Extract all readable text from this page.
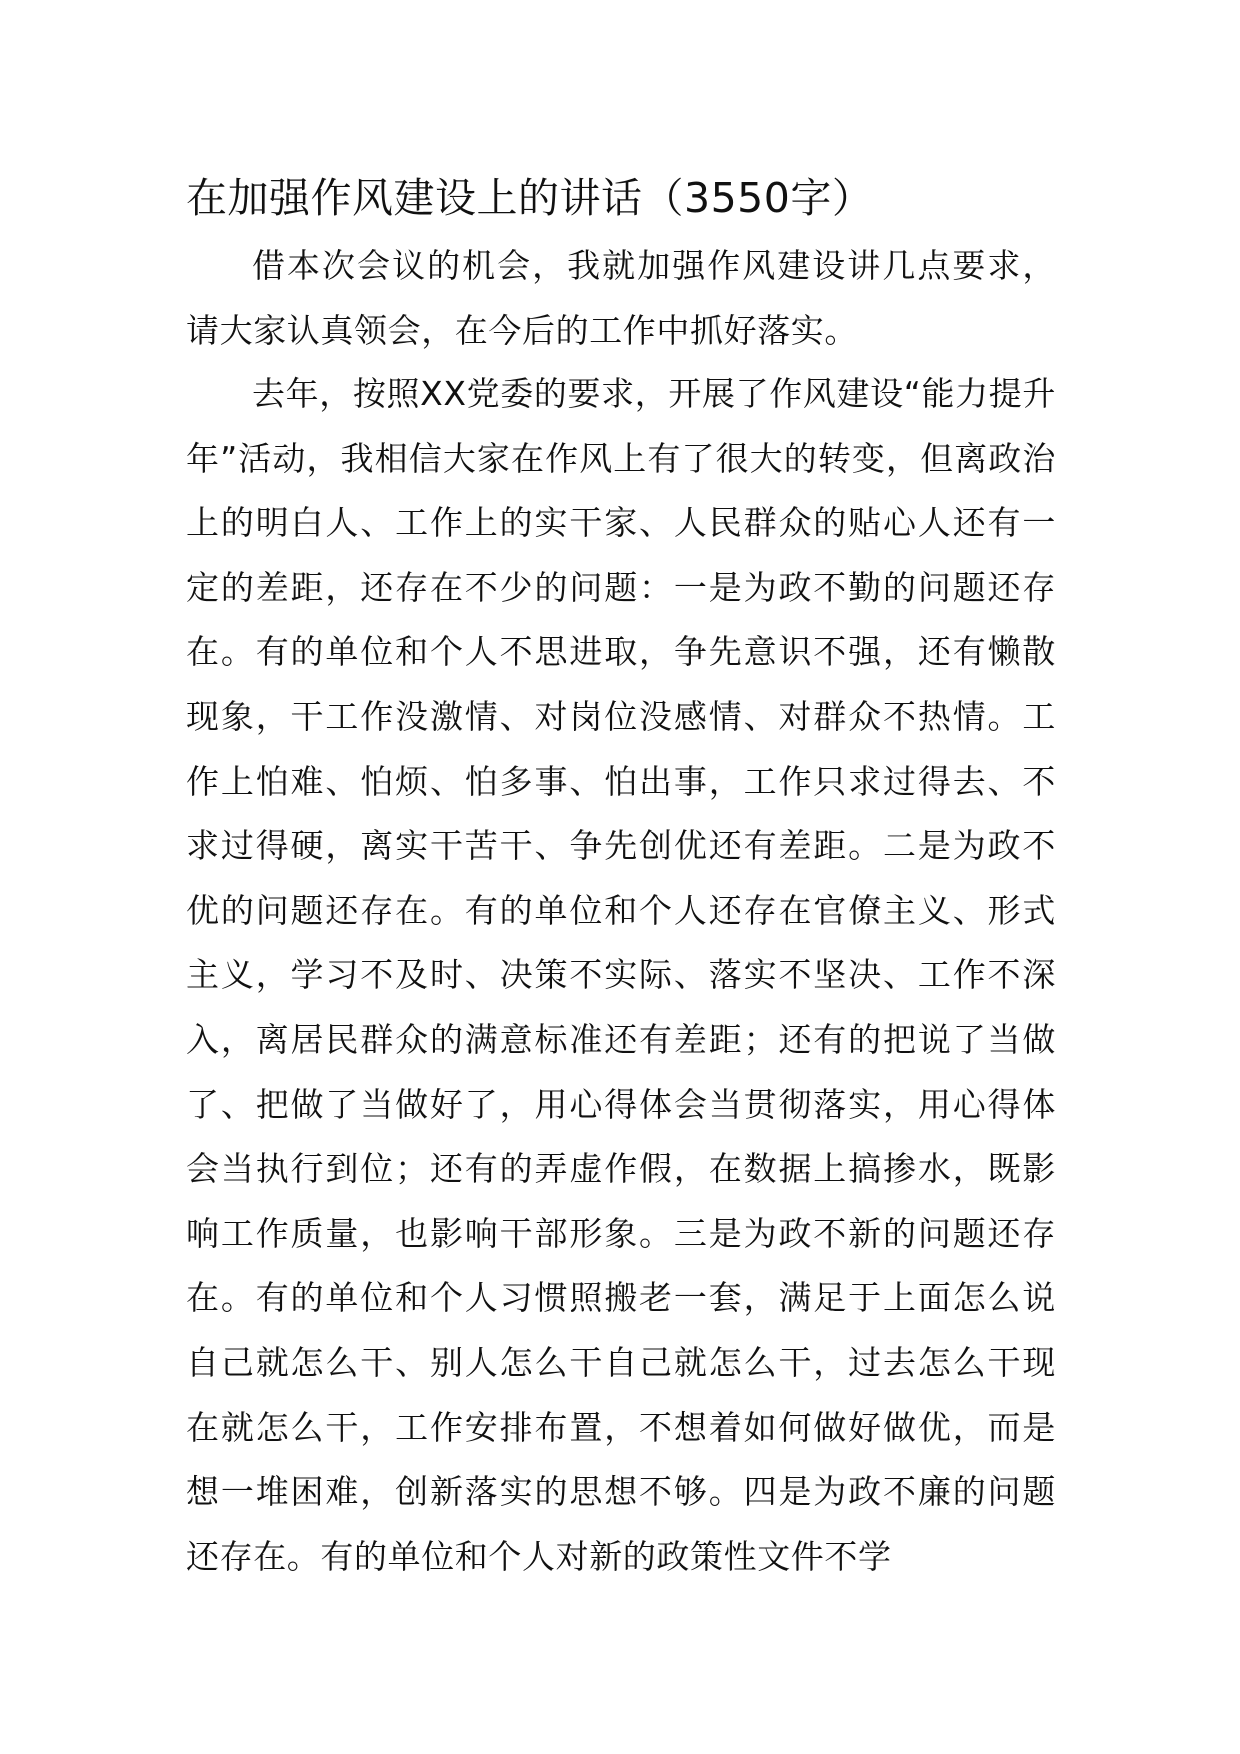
在加强作风建设上的讲话（3550字）

借本次会议的机会，我就加强作风建设讲几点要求，请大家认真领会，在今后的工作中抓好落实。

去年，按照XX党委的要求，开展了作风建设“能力提升年”活动，我相信大家在作风上有了很大的转变，但离政治上的明白人、工作上的实干家、人民群众的贴心人还有一定的差距，还存在不少的问题：一是为政不勤的问题还存在。有的单位和个人不思进取，争先意识不强，还有懒散现象，干工作没激情、对岗位没感情、对群众不热情。工作上怕难、怕烦、怕多事、怕出事，工作只求过得去、不求过得硬，离实干苦干、争先创优还有差距。二是为政不优的问题还存在。有的单位和个人还存在官僚主义、形式主义，学习不及时、决策不实际、落实不坚决、工作不深入，离居民群众的满意标准还有差距；还有的把说了当做了、把做了当做好了，用心得体会当贯彻落实，用心得体会当执行到位；还有的弄虚作假，在数据上搞掺水，既影响工作质量，也影响干部形象。三是为政不新的问题还存在。有的单位和个人习惯照搬老一套，满足于上面怎么说自己就怎么干、别人怎么干自己就怎么干，过去怎么干现在就怎么干，工作安排布置，不想着如何做好做优，而是想一堆困难，创新落实的思想不够。四是为政不廉的问题还存在。有的单位和个人对新的政策性文件不学
